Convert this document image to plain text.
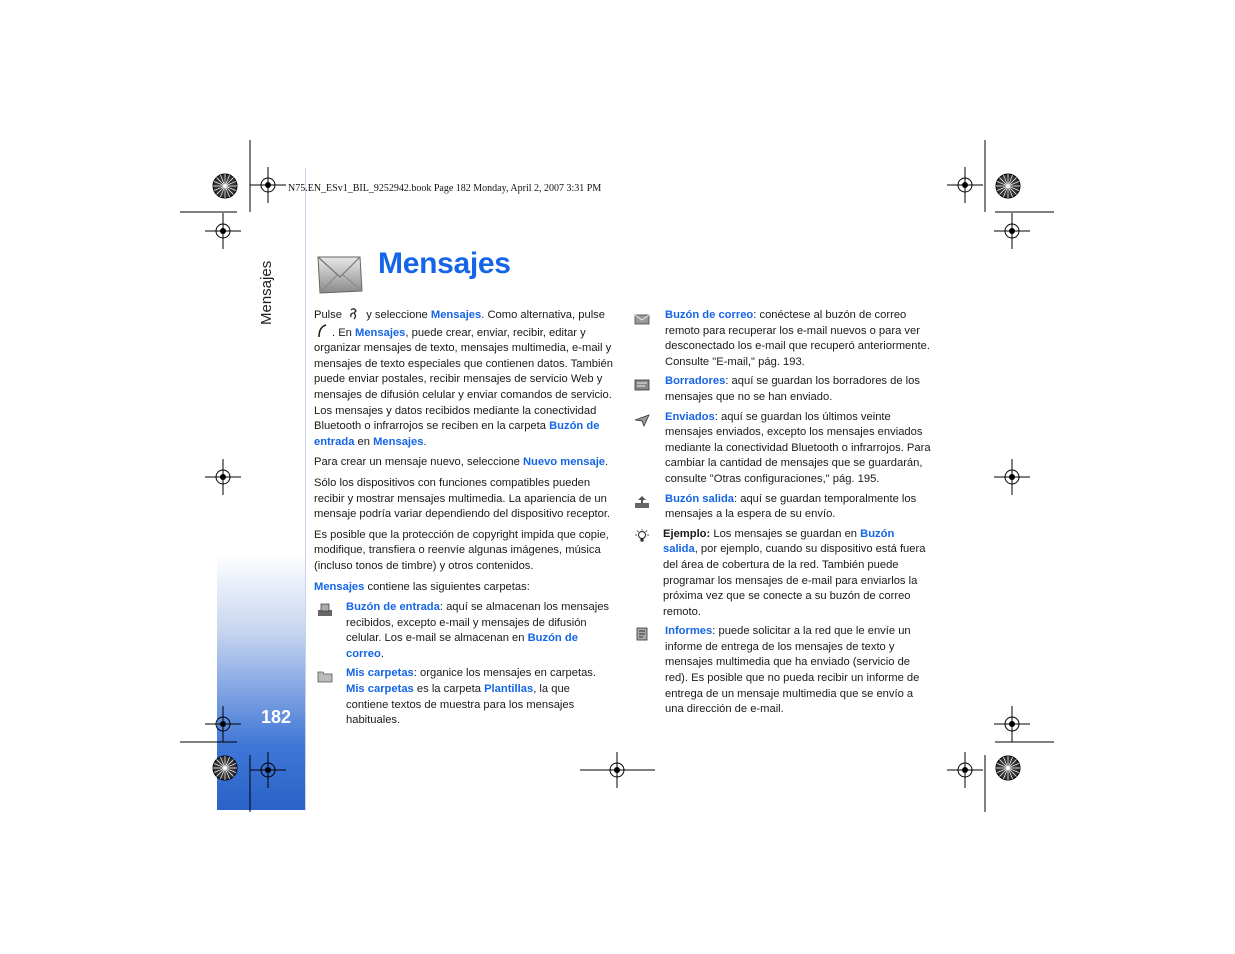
Mensajes
182
N75.EN_ESv1_BIL_9252942.book Page 182 Monday, April 2, 2007 3:31 PM
Mensajes

Pulse  y seleccione Mensajes. Como alternativa, pulse
. En Mensajes, puede crear, enviar, recibir, editar y organizar mensajes de texto, mensajes multimedia, e-mail y mensajes de texto especiales que contienen datos. También puede enviar postales, recibir mensajes de servicio Web y mensajes de difusión celular y enviar comandos de servicio. Los mensajes y datos recibidos mediante la conectividad Bluetooth o infrarrojos se reciben en la carpeta Buzón de entrada en Mensajes.

Para crear un mensaje nuevo, seleccione Nuevo mensaje.

Sólo los dispositivos con funciones compatibles pueden recibir y mostrar mensajes multimedia. La apariencia de un mensaje podría variar dependiendo del dispositivo receptor.

Es posible que la protección de copyright impida que copie, modifique, transfiera o reenvíe algunas imágenes, música (incluso tonos de timbre) y otros contenidos.

Mensajes contiene las siguientes carpetas:

Buzón de entrada: aquí se almacenan los mensajes recibidos, excepto e-mail y mensajes de difusión celular. Los e-mail se almacenan en Buzón de correo.
Mis carpetas: organice los mensajes en carpetas. Mis carpetas es la carpeta Plantillas, la que contiene textos de muestra para los mensajes habituales.
Buzón de correo: conéctese al buzón de correo remoto para recuperar los e-mail nuevos o para ver desconectado los e-mail que recuperó anteriormente. Consulte "E-mail," pág. 193.
Borradores: aquí se guardan los borradores de los mensajes que no se han enviado.
Enviados: aquí se guardan los últimos veinte mensajes enviados, excepto los mensajes enviados mediante la conectividad Bluetooth o infrarrojos. Para cambiar la cantidad de mensajes que se guardarán, consulte "Otras configuraciones," pág. 195.
Buzón salida: aquí se guardan temporalmente los mensajes a la espera de su envío.
Ejemplo: Los mensajes se guardan en Buzón salida, por ejemplo, cuando su dispositivo está fuera del área de cobertura de la red. También puede programar los mensajes de e-mail para enviarlos la próxima vez que se conecte a su buzón de correo remoto.
Informes: puede solicitar a la red que le envíe un informe de entrega de los mensajes de texto y mensajes multimedia que ha enviado (servicio de red). Es posible que no pueda recibir un informe de entrega de un mensaje multimedia que se envío a una dirección de e-mail.
